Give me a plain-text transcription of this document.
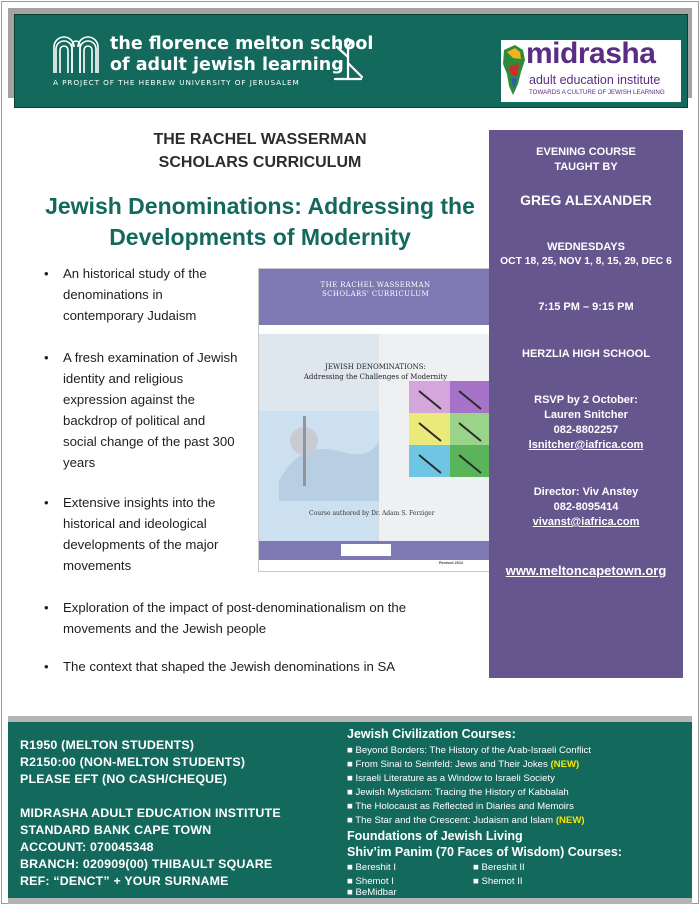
the florence melton school
of adult jewish learning
A PROJECT OF THE HEBREW UNIVERSITY OF JERUSALEM
midrasha
adult education institute
TOWARDS A CULTURE OF JEWISH LEARNING
THE RACHEL WASSERMAN
SCHOLARS CURRICULUM
Jewish Denominations: Addressing the
Developments of Modernity
• An historical study of the
denominations in
contemporary Judaism
• A fresh examination of Jewish
identity and religious
expression against the
backdrop of political and
social change of the past 300
years
• Extensive insights into the
historical and ideological
developments of the major
movements
• Exploration of the impact of post-denominationalism on the
movements and the Jewish people
• The context that shaped the Jewish denominations in SA
THE RACHEL WASSERMAN
SCHOLARS' CURRICULUM
JEWISH DENOMINATIONS:
Addressing the Challenges of Modernity
Course authored by Dr. Adam S. Ferziger
Revised 2012
EVENING COURSE
TAUGHT BY
GREG ALEXANDER
WEDNESDAYS
OCT 18, 25, NOV 1, 8, 15, 29, DEC 6
7:15 PM – 9:15 PM
HERZLIA HIGH SCHOOL
RSVP by 2 October:
Lauren Snitcher
082-8802257
lsnitcher@iafrica.com
Director: Viv Anstey
082-8095414
vivanst@iafrica.com
www.meltoncapetown.org
R1950 (MELTON STUDENTS)
R2150:00 (NON-MELTON STUDENTS)
PLEASE EFT (NO CASH/CHEQUE)
MIDRASHA ADULT EDUCATION INSTITUTE
STANDARD BANK CAPE TOWN
ACCOUNT: 070045348
BRANCH: 020909(00) THIBAULT SQUARE
REF: “DENCT” + YOUR SURNAME
Jewish Civilization Courses:
■ Beyond Borders: The History of the Arab-Israeli Conflict
■ From Sinai to Seinfeld: Jews and Their Jokes (NEW)
■ Israeli Literature as a Window to Israeli Society
■ Jewish Mysticism: Tracing the History of Kabbalah
■ The Holocaust as Reflected in Diaries and Memoirs
■ The Star and the Crescent: Judaism and Islam (NEW)
Foundations of Jewish Living
Shiv’im Panim (70 Faces of Wisdom) Courses:
■ Bereshit I	■ Bereshit II
■ Shemot I	■ Shemot II
■ BeMidbar
